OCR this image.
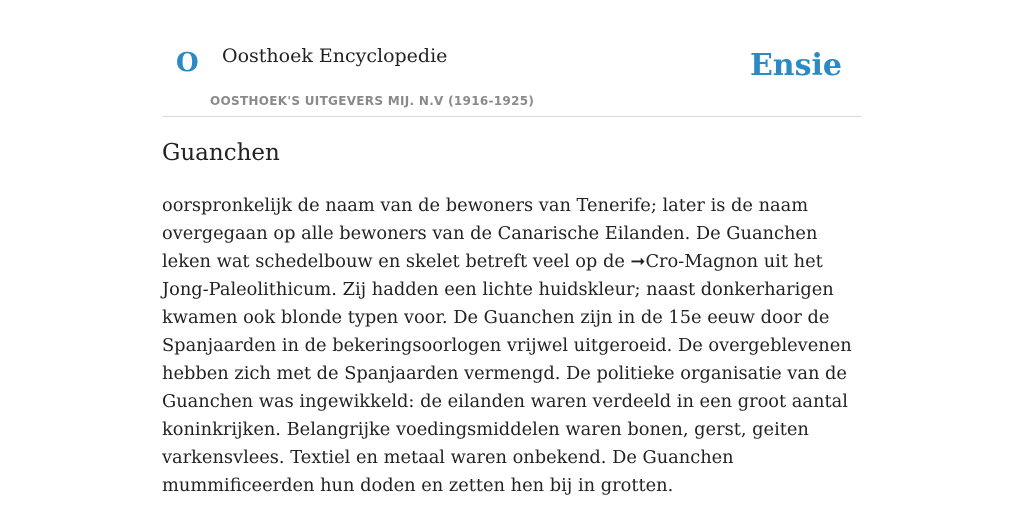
O Oosthoek Encyclopedie
OOSTHOEK'S UITGEVERS MIJ. N.V (1916-1925)
Ensie
Guanchen

oorspronkelijk de naam van de bewoners van Tenerife; later is de naam overgegaan op alle bewoners van de Canarische Eilanden. De Guanchen leken wat schedelbouw en skelet betreft veel op de ➞Cro-Magnon uit het Jong-Paleolithicum. Zij hadden een lichte huidskleur; naast donkerharigen kwamen ook blonde typen voor. De Guanchen zijn in de 15e eeuw door de Spanjaarden in de bekeringsoorlogen vrijwel uitgeroeid. De overgeblevenen hebben zich met de Spanjaarden vermengd. De politieke organisatie van de Guanchen was ingewikkeld: de eilanden waren verdeeld in een groot aantal koninkrijken. Belangrijke voedingsmiddelen waren bonen, gerst, geiten varkensvlees. Textiel en metaal waren onbekend. De Guanchen mummificeerden hun doden en zetten hen bij in grotten.
